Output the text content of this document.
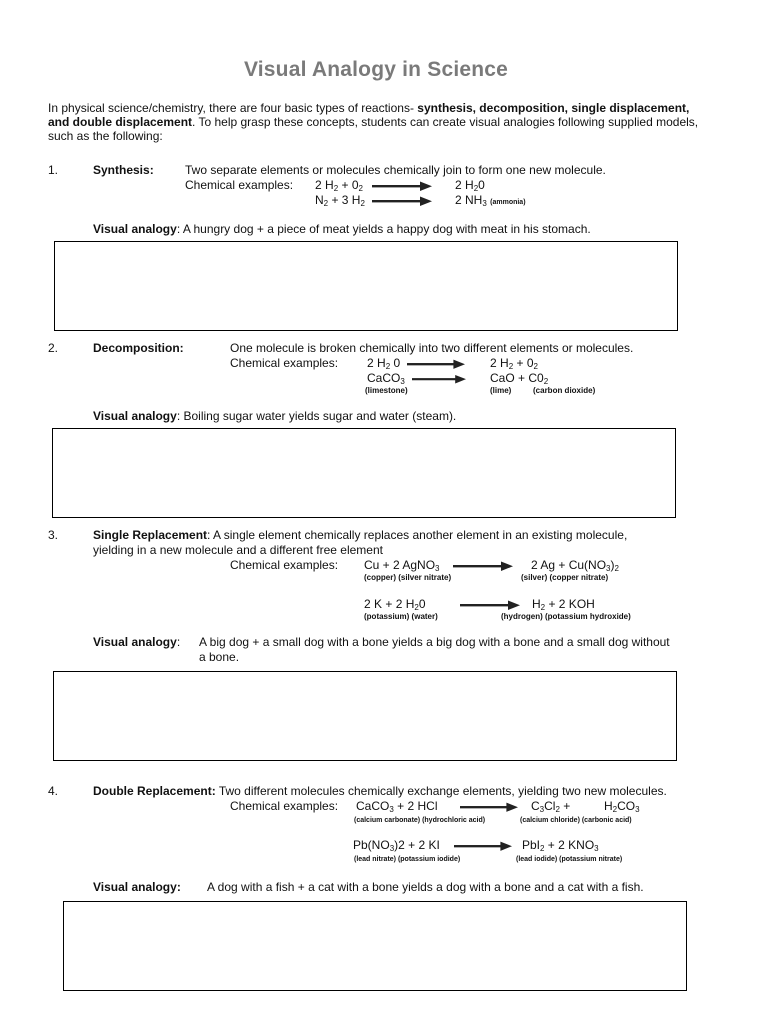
Visual Analogy in Science
In physical science/chemistry, there are four basic types of reactions- synthesis, decomposition, single displacement, and double displacement. To help grasp these concepts, students can create visual analogies following supplied models, such as the following:
1.	Synthesis:	Two separate elements or molecules chemically join to form one new molecule.
Chemical examples: 2 $H_2 + 0_2$	2 $H_20$
$N_2 + 3$ $H_2$	2 $NH_3$ (ammonia)
Visual analogy: A hungry dog + a piece of meat yields a happy dog with meat in his stomach.
2.	Decomposition:	One molecule is broken chemically into two different elements or molecules.
Chemical examples: 2 $H_2$ 0	2 $H_2 + 0_2$
CaCO$_3$	CaO + $C0_2$
(limestone)	(lime)	(carbon dioxide)
Visual analogy: Boiling sugar water yields sugar and water (steam).
3.	Single Replacement: A single element chemically replaces another element in an existing molecule,
yielding in a new molecule and a different free element
Chemical examples: Cu + 2 AgNO$_3$	2 $Ag + Cu(NO_3)_2$
(copper) (silver nitrate)	(silver) (copper nitrate)
2 K + 2 $H_20$	$H_2 + 2$ KOH
(potassium) (water)	(hydrogen) (potassium hydroxide)
Visual analogy: A big dog + a small dog with a bone yields a big dog with a bone and a small dog without
a bone.
4.	Double Replacement: Two different molecules chemically exchange elements, yielding two new molecules.
Chemical examples: CaCO$_3$ + 2 HCl	$C_3Cl_2$ +	$H_2CO_3$
(calcium carbonate) (hydrochloric acid)	(calcium chloride) (carbonic acid)
$Pb(NO_3)2 + 2$ KI	PbI$_2$ + 2 $KNO_3$
(lead nitrate) (potassium iodide)	(lead iodide) (potassium nitrate)
Visual analogy: A dog with a fish + a cat with a bone yields a dog with a bone and a cat with a fish.
